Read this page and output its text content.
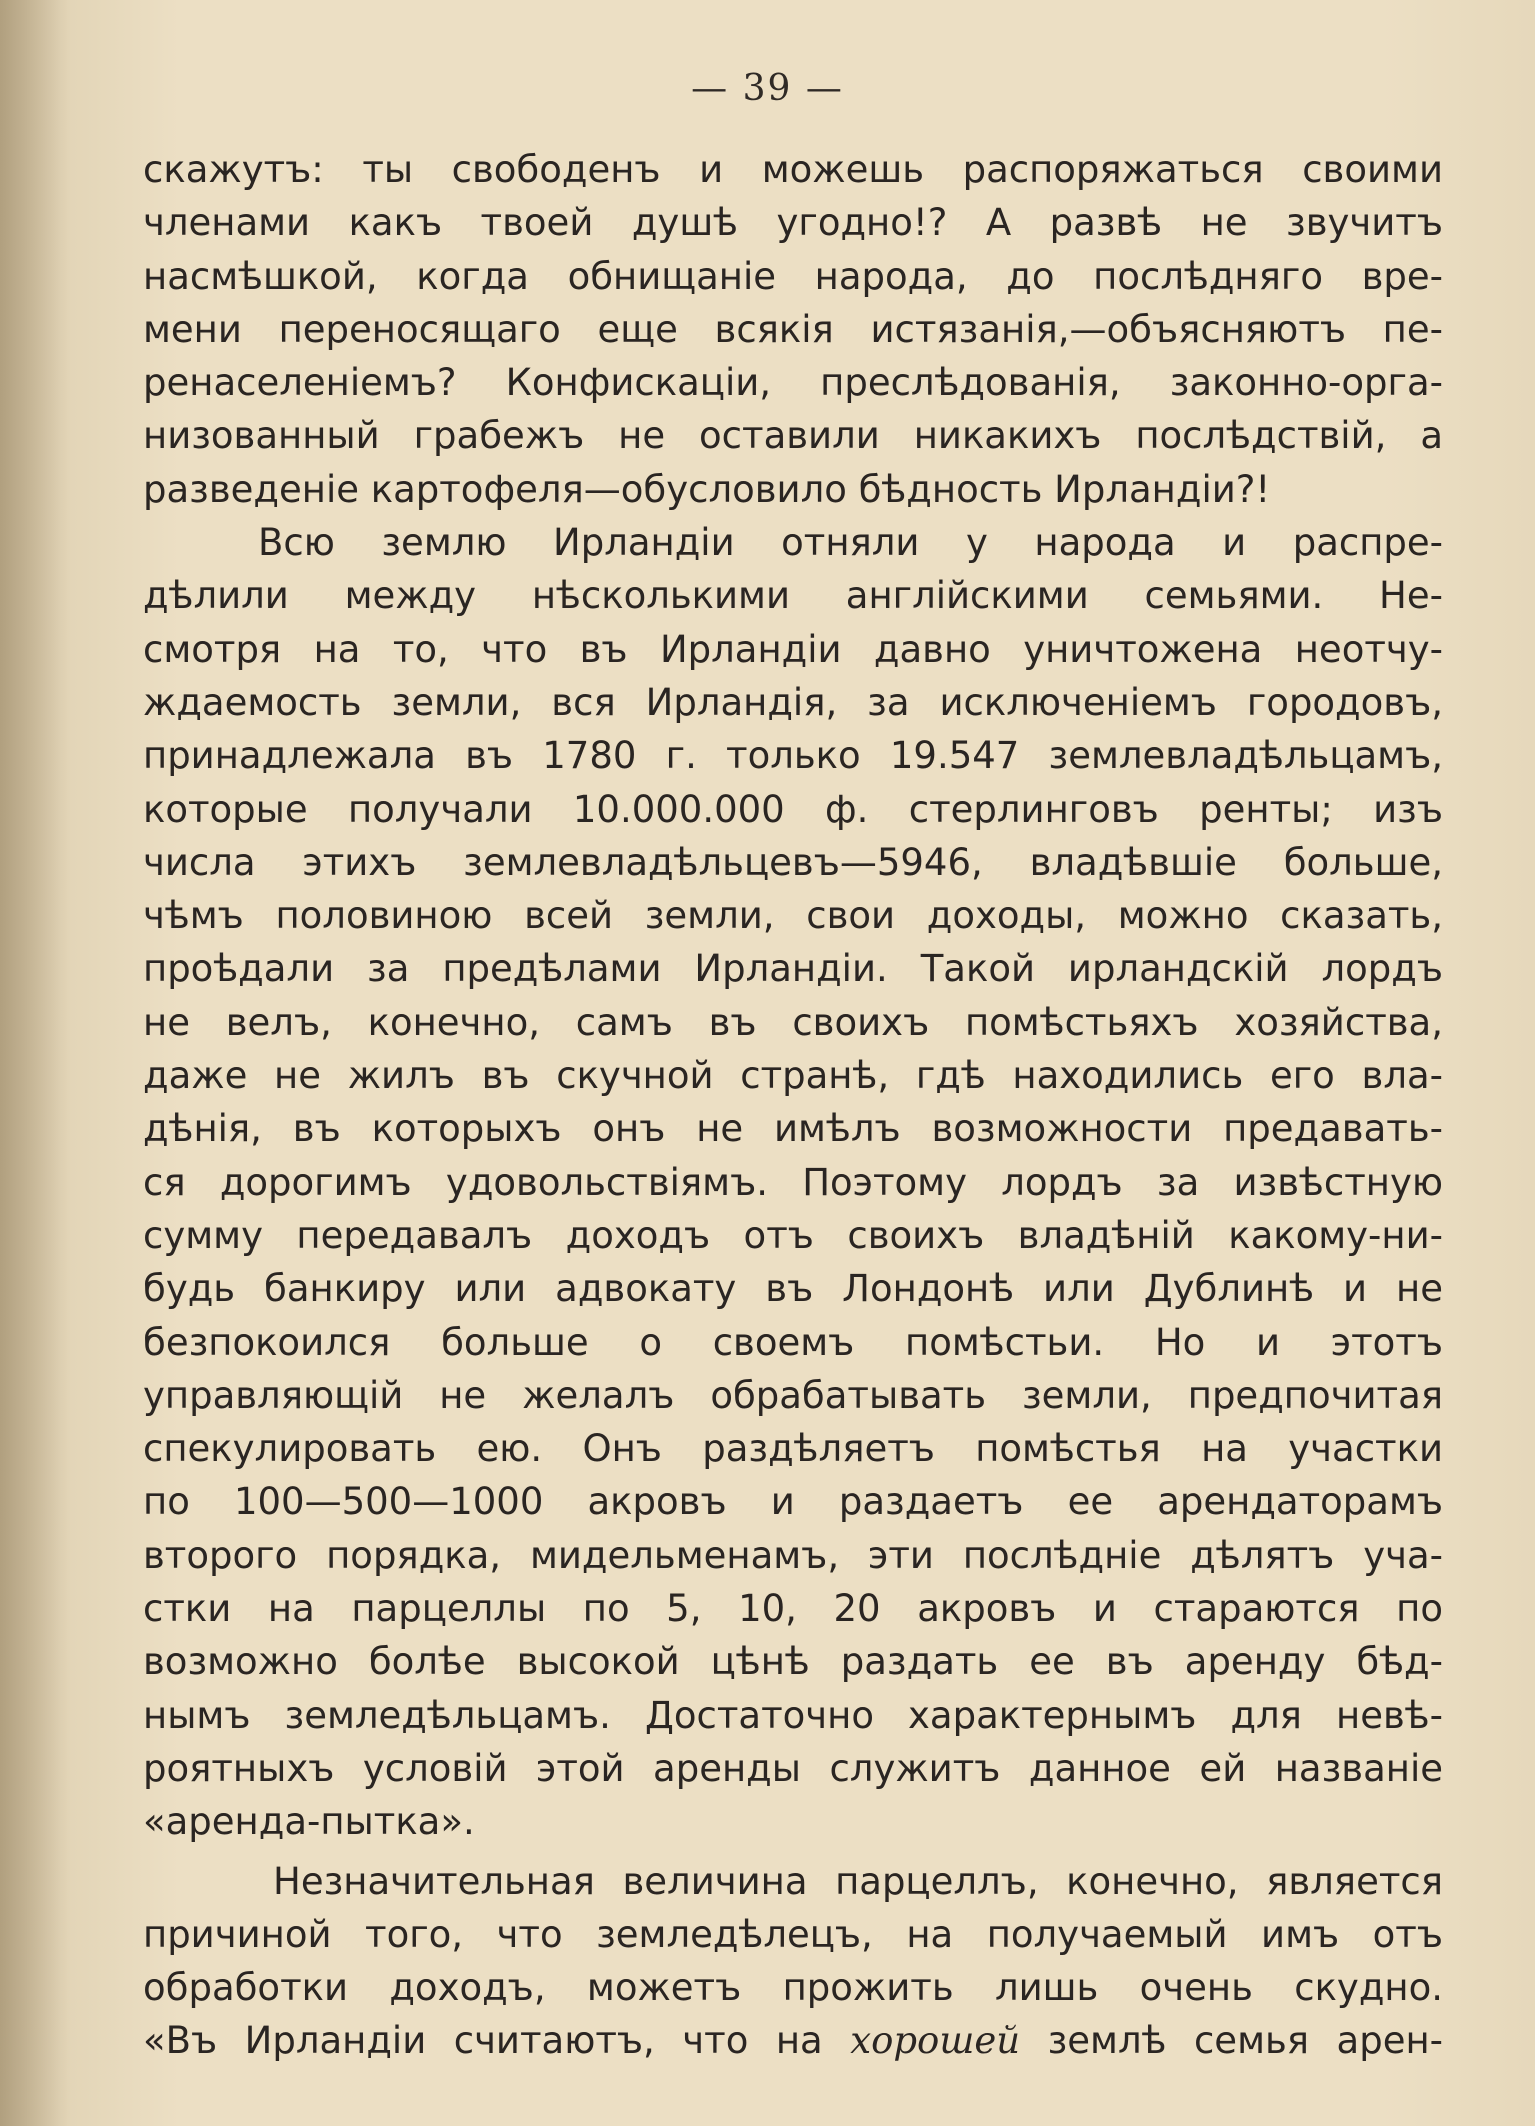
— 39 —
скажутъ: ты свободенъ и можешь распоряжаться своими
членами какъ твоей душѣ угодно!? А развѣ не звучитъ
насмѣшкой, когда обнищаніе народа, до послѣдняго вре-
мени переносящаго еще всякія истязанія,—объясняютъ пе-
ренаселеніемъ? Конфискаціи, преслѣдованія, законно-орга-
низованный грабежъ не оставили никакихъ послѣдствій, а
разведеніе картофеля—обусловило бѣдность Ирландіи?!
Всю землю Ирландіи отняли у народа и распре-
дѣлили между нѣсколькими англійскими семьями. Не-
смотря на то, что въ Ирландіи давно уничтожена неотчу-
ждаемость земли, вся Ирландія, за исключеніемъ городовъ,
принадлежала въ 1780 г. только 19.547 землевладѣльцамъ,
которые получали 10.000.000 ф. стерлинговъ ренты; изъ
числа этихъ землевладѣльцевъ—5946, владѣвшіе больше,
чѣмъ половиною всей земли, свои доходы, можно сказать,
проѣдали за предѣлами Ирландіи. Такой ирландскій лордъ
не велъ, конечно, самъ въ своихъ помѣстьяхъ хозяйства,
даже не жилъ въ скучной странѣ, гдѣ находились его вла-
дѣнія, въ которыхъ онъ не имѣлъ возможности предавать-
ся дорогимъ удовольствіямъ. Поэтому лордъ за извѣстную
сумму передавалъ доходъ отъ своихъ владѣній какому-ни-
будь банкиру или адвокату въ Лондонѣ или Дублинѣ и не
безпокоился больше о своемъ помѣстьи. Но и этотъ
управляющій не желалъ обрабатывать земли, предпочитая
спекулировать ею. Онъ раздѣляетъ помѣстья на участки
по 100—500—1000 акровъ и раздаетъ ее арендаторамъ
второго порядка, мидельменамъ, эти послѣдніе дѣлятъ уча-
стки на парцеллы по 5, 10, 20 акровъ и стараются по
возможно болѣе высокой цѣнѣ раздать ее въ аренду бѣд-
нымъ земледѣльцамъ. Достаточно характернымъ для невѣ-
роятныхъ условій этой аренды служитъ данное ей названіе
«аренда-пытка».
Незначительная величина парцеллъ, конечно, является
причиной того, что земледѣлецъ, на получаемый имъ отъ
обработки доходъ, можетъ прожить лишь очень скудно.
«Въ Ирландіи считаютъ, что на хорошей землѣ семья арен-
